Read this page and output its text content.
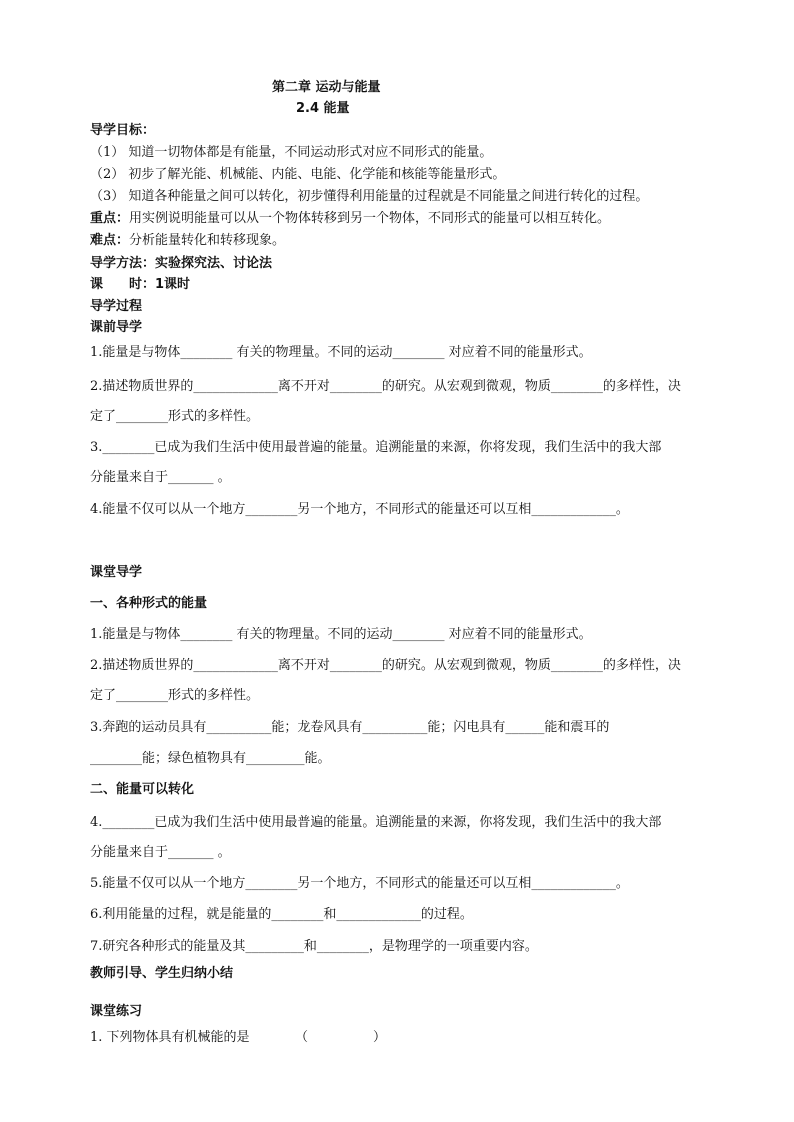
第二章 运动与能量
2.4 能量
导学目标：
（1） 知道一切物体都是有能量，不同运动形式对应不同形式的能量。
（2） 初步了解光能、机械能、内能、电能、化学能和核能等能量形式。
（3） 知道各种能量之间可以转化，初步懂得利用能量的过程就是不同能量之间进行转化的过程。
重点：用实例说明能量可以从一个物体转移到另一个物体，不同形式的能量可以相互转化。
难点：分析能量转化和转移现象。
导学方法：实验探究法、讨论法
课　　时：1课时
导学过程
课前导学
1.能量是与物体________ 有关的物理量。不同的运动________ 对应着不同的能量形式。
2.描述物质世界的_____________离不开对________的研究。从宏观到微观，物质________的多样性，决
定了________形式的多样性。
3.________已成为我们生活中使用最普遍的能量。追溯能量的来源，你将发现，我们生活中的我大部
分能量来自于_______ 。
4.能量不仅可以从一个地方________另一个地方，不同形式的能量还可以互相_____________。
课堂导学
一、各种形式的能量
1.能量是与物体________ 有关的物理量。不同的运动________ 对应着不同的能量形式。
2.描述物质世界的_____________离不开对________的研究。从宏观到微观，物质________的多样性，决
定了________形式的多样性。
3.奔跑的运动员具有__________能；龙卷风具有__________能；闪电具有______能和震耳的
________能；绿色植物具有_________能。
二、能量可以转化
4.________已成为我们生活中使用最普遍的能量。追溯能量的来源，你将发现，我们生活中的我大部
分能量来自于_______ 。
5.能量不仅可以从一个地方________另一个地方，不同形式的能量还可以互相_____________。
6.利用能量的过程，就是能量的________和_____________的过程。
7.研究各种形式的能量及其_________和________，是物理学的一项重要内容。
教师引导、学生归纳小结
课堂练习
1. 下列物体具有机械能的是　　　　（　　　　　）
